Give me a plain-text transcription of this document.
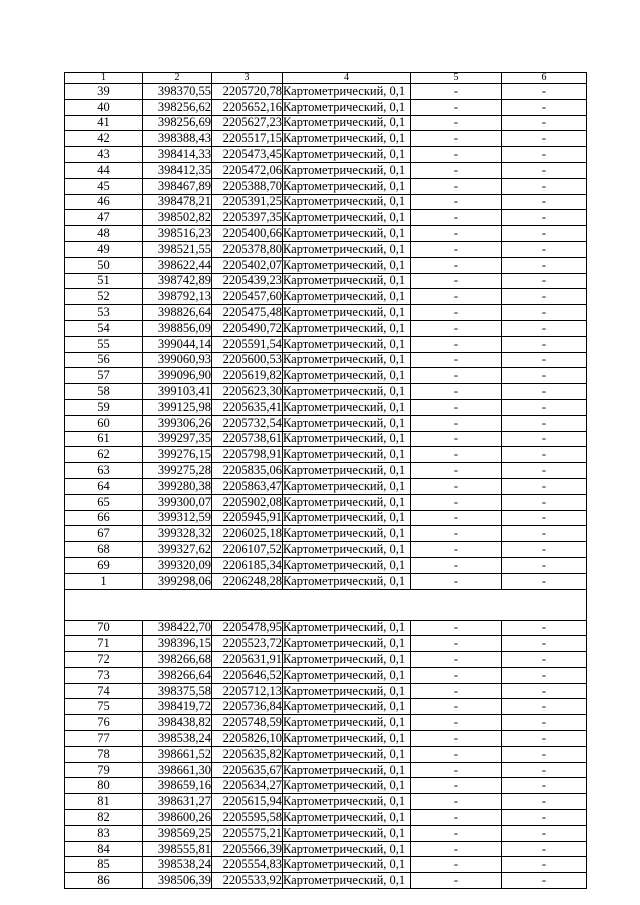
1	2	3	4	5	6
39	398370,55	2205720,78	Картометрический, 0,1	-	-
40	398256,62	2205652,16	Картометрический, 0,1	-	-
41	398256,69	2205627,23	Картометрический, 0,1	-	-
42	398388,43	2205517,15	Картометрический, 0,1	-	-
43	398414,33	2205473,45	Картометрический, 0,1	-	-
44	398412,35	2205472,06	Картометрический, 0,1	-	-
45	398467,89	2205388,70	Картометрический, 0,1	-	-
46	398478,21	2205391,25	Картометрический, 0,1	-	-
47	398502,82	2205397,35	Картометрический, 0,1	-	-
48	398516,23	2205400,66	Картометрический, 0,1	-	-
49	398521,55	2205378,80	Картометрический, 0,1	-	-
50	398622,44	2205402,07	Картометрический, 0,1	-	-
51	398742,89	2205439,23	Картометрический, 0,1	-	-
52	398792,13	2205457,60	Картометрический, 0,1	-	-
53	398826,64	2205475,48	Картометрический, 0,1	-	-
54	398856,09	2205490,72	Картометрический, 0,1	-	-
55	399044,14	2205591,54	Картометрический, 0,1	-	-
56	399060,93	2205600,53	Картометрический, 0,1	-	-
57	399096,90	2205619,82	Картометрический, 0,1	-	-
58	399103,41	2205623,30	Картометрический, 0,1	-	-
59	399125,98	2205635,41	Картометрический, 0,1	-	-
60	399306,26	2205732,54	Картометрический, 0,1	-	-
61	399297,35	2205738,61	Картометрический, 0,1	-	-
62	399276,15	2205798,91	Картометрический, 0,1	-	-
63	399275,28	2205835,06	Картометрический, 0,1	-	-
64	399280,38	2205863,47	Картометрический, 0,1	-	-
65	399300,07	2205902,08	Картометрический, 0,1	-	-
66	399312,59	2205945,91	Картометрический, 0,1	-	-
67	399328,32	2206025,18	Картометрический, 0,1	-	-
68	399327,62	2206107,52	Картометрический, 0,1	-	-
69	399320,09	2206185,34	Картометрический, 0,1	-	-
1	399298,06	2206248,28	Картометрический, 0,1	-	-

70	398422,70	2205478,95	Картометрический, 0,1	-	-
71	398396,15	2205523,72	Картометрический, 0,1	-	-
72	398266,68	2205631,91	Картометрический, 0,1	-	-
73	398266,64	2205646,52	Картометрический, 0,1	-	-
74	398375,58	2205712,13	Картометрический, 0,1	-	-
75	398419,72	2205736,84	Картометрический, 0,1	-	-
76	398438,82	2205748,59	Картометрический, 0,1	-	-
77	398538,24	2205826,10	Картометрический, 0,1	-	-
78	398661,52	2205635,82	Картометрический, 0,1	-	-
79	398661,30	2205635,67	Картометрический, 0,1	-	-
80	398659,16	2205634,27	Картометрический, 0,1	-	-
81	398631,27	2205615,94	Картометрический, 0,1	-	-
82	398600,26	2205595,58	Картометрический, 0,1	-	-
83	398569,25	2205575,21	Картометрический, 0,1	-	-
84	398555,81	2205566,39	Картометрический, 0,1	-	-
85	398538,24	2205554,83	Картометрический, 0,1	-	-
86	398506,39	2205533,92	Картометрический, 0,1	-	-
